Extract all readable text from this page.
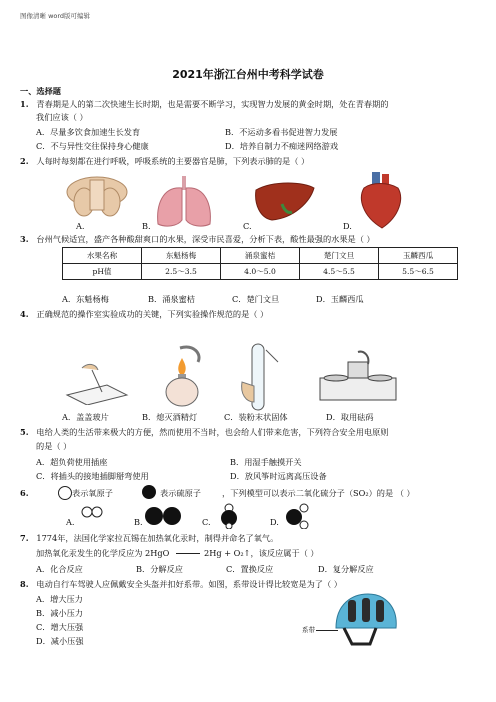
图像清晰 word版可编辑
2021年浙江台州中考科学试卷
一、选择题
1. 青春期是人的第二次快速生长时期，也是需要不断学习，实现智力发展的黄金时期，处在青春期的
我们应该（ ）
A．尽量多饮食加速生长发育	B．不运动多看书促进智力发展
C．不与异性交往保持身心健康	D．培养自制力不痴迷网络游戏
2. 人每时每刻都在进行呼吸，呼吸系统的主要器官是肺，下列表示肺的是（ ）
A.	B.	C.	D.
3. 台州气候适宜，盛产各种酸甜爽口的水果，深受市民喜爱，分析下表，酸性最强的水果是（ ）
水果名称	东魁杨梅	涌泉蜜桔	楚门文旦	玉麟西瓜
pH值	2.5～3.5	4.0～5.0	4.5～5.5	5.5～6.5
A．东魁杨梅	B．涌泉蜜桔	C．楚门文旦	D．玉麟西瓜
4. 正确规范的操作室实验成功的关键，下列实验操作规范的是（ ）
A．盖盖玻片	B．熄灭酒精灯	C．装粉末状固体	D．取用砝码
5. 电给人类的生活带来极大的方便，然而使用不当时，也会给人们带来危害，下列符合安全用电原则
的是（ ）
A．超负荷使用插座	B．用湿手触摸开关
C．将插头的接地插脚掰弯使用	D．放风筝时远离高压设备
6.	表示氧原子	表示硫原子	，下列模型可以表示二氧化硫分子（SO₂）的是 （ ）
A.	B.	C.	D.
7. 1774年，法国化学家拉瓦锡在加热氧化汞时，制得并命名了氧气。
加热氧化汞发生的化学反应为 2HgO	2Hg + O₂↑，该反应属于（ ）
A．化合反应	B．分解反应	C．置换反应	D．复分解反应
8. 电动自行车驾驶人应佩戴安全头盔并扣好系带。如图，系带设计得比较宽是为了（ ）
A．增大压力
B．减小压力
C．增大压强
D．减小压强
系带
